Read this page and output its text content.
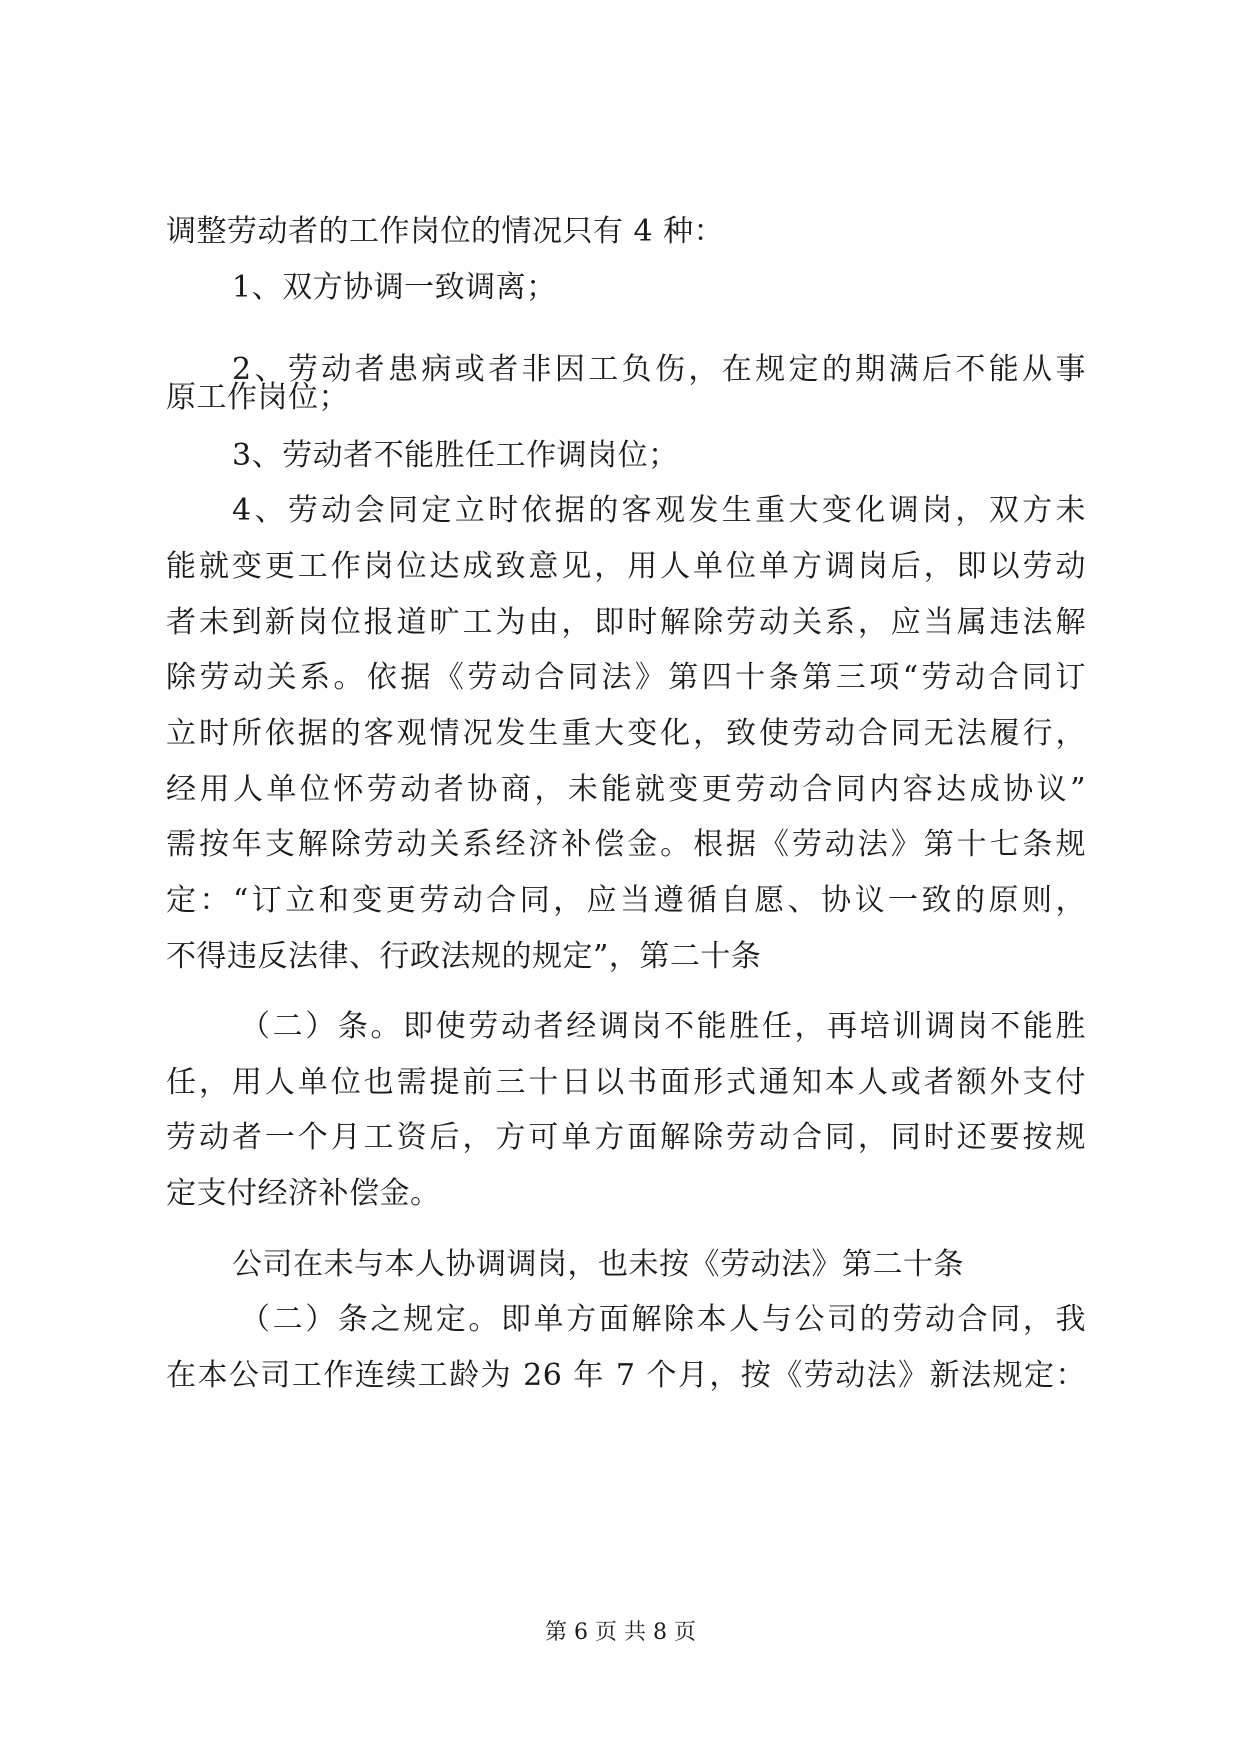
调整劳动者的工作岗位的情况只有 4 种：
1、双方协调一致调离；
2、劳动者患病或者非因工负伤，在规定的期满后不能从事
原工作岗位；
3、劳动者不能胜任工作调岗位；
4、劳动会同定立时依据的客观发生重大变化调岗，双方未
能就变更工作岗位达成致意见，用人单位单方调岗后，即以劳动
者未到新岗位报道旷工为由，即时解除劳动关系，应当属违法解
除劳动关系。依据《劳动合同法》第四十条第三项“劳动合同订
立时所依据的客观情况发生重大变化，致使劳动合同无法履行，
经用人单位怀劳动者协商，未能就变更劳动合同内容达成协议”
需按年支解除劳动关系经济补偿金。根据《劳动法》第十七条规
定：“订立和变更劳动合同，应当遵循自愿、协议一致的原则，
不得违反法律、行政法规的规定”，第二十条
（二）条。即使劳动者经调岗不能胜任，再培训调岗不能胜
任，用人单位也需提前三十日以书面形式通知本人或者额外支付
劳动者一个月工资后，方可单方面解除劳动合同，同时还要按规
定支付经济补偿金。
公司在未与本人协调调岗，也未按《劳动法》第二十条
（二）条之规定。即单方面解除本人与公司的劳动合同，我
在本公司工作连续工龄为 26 年 7 个月，按《劳动法》新法规定：
第 6 页 共 8 页
